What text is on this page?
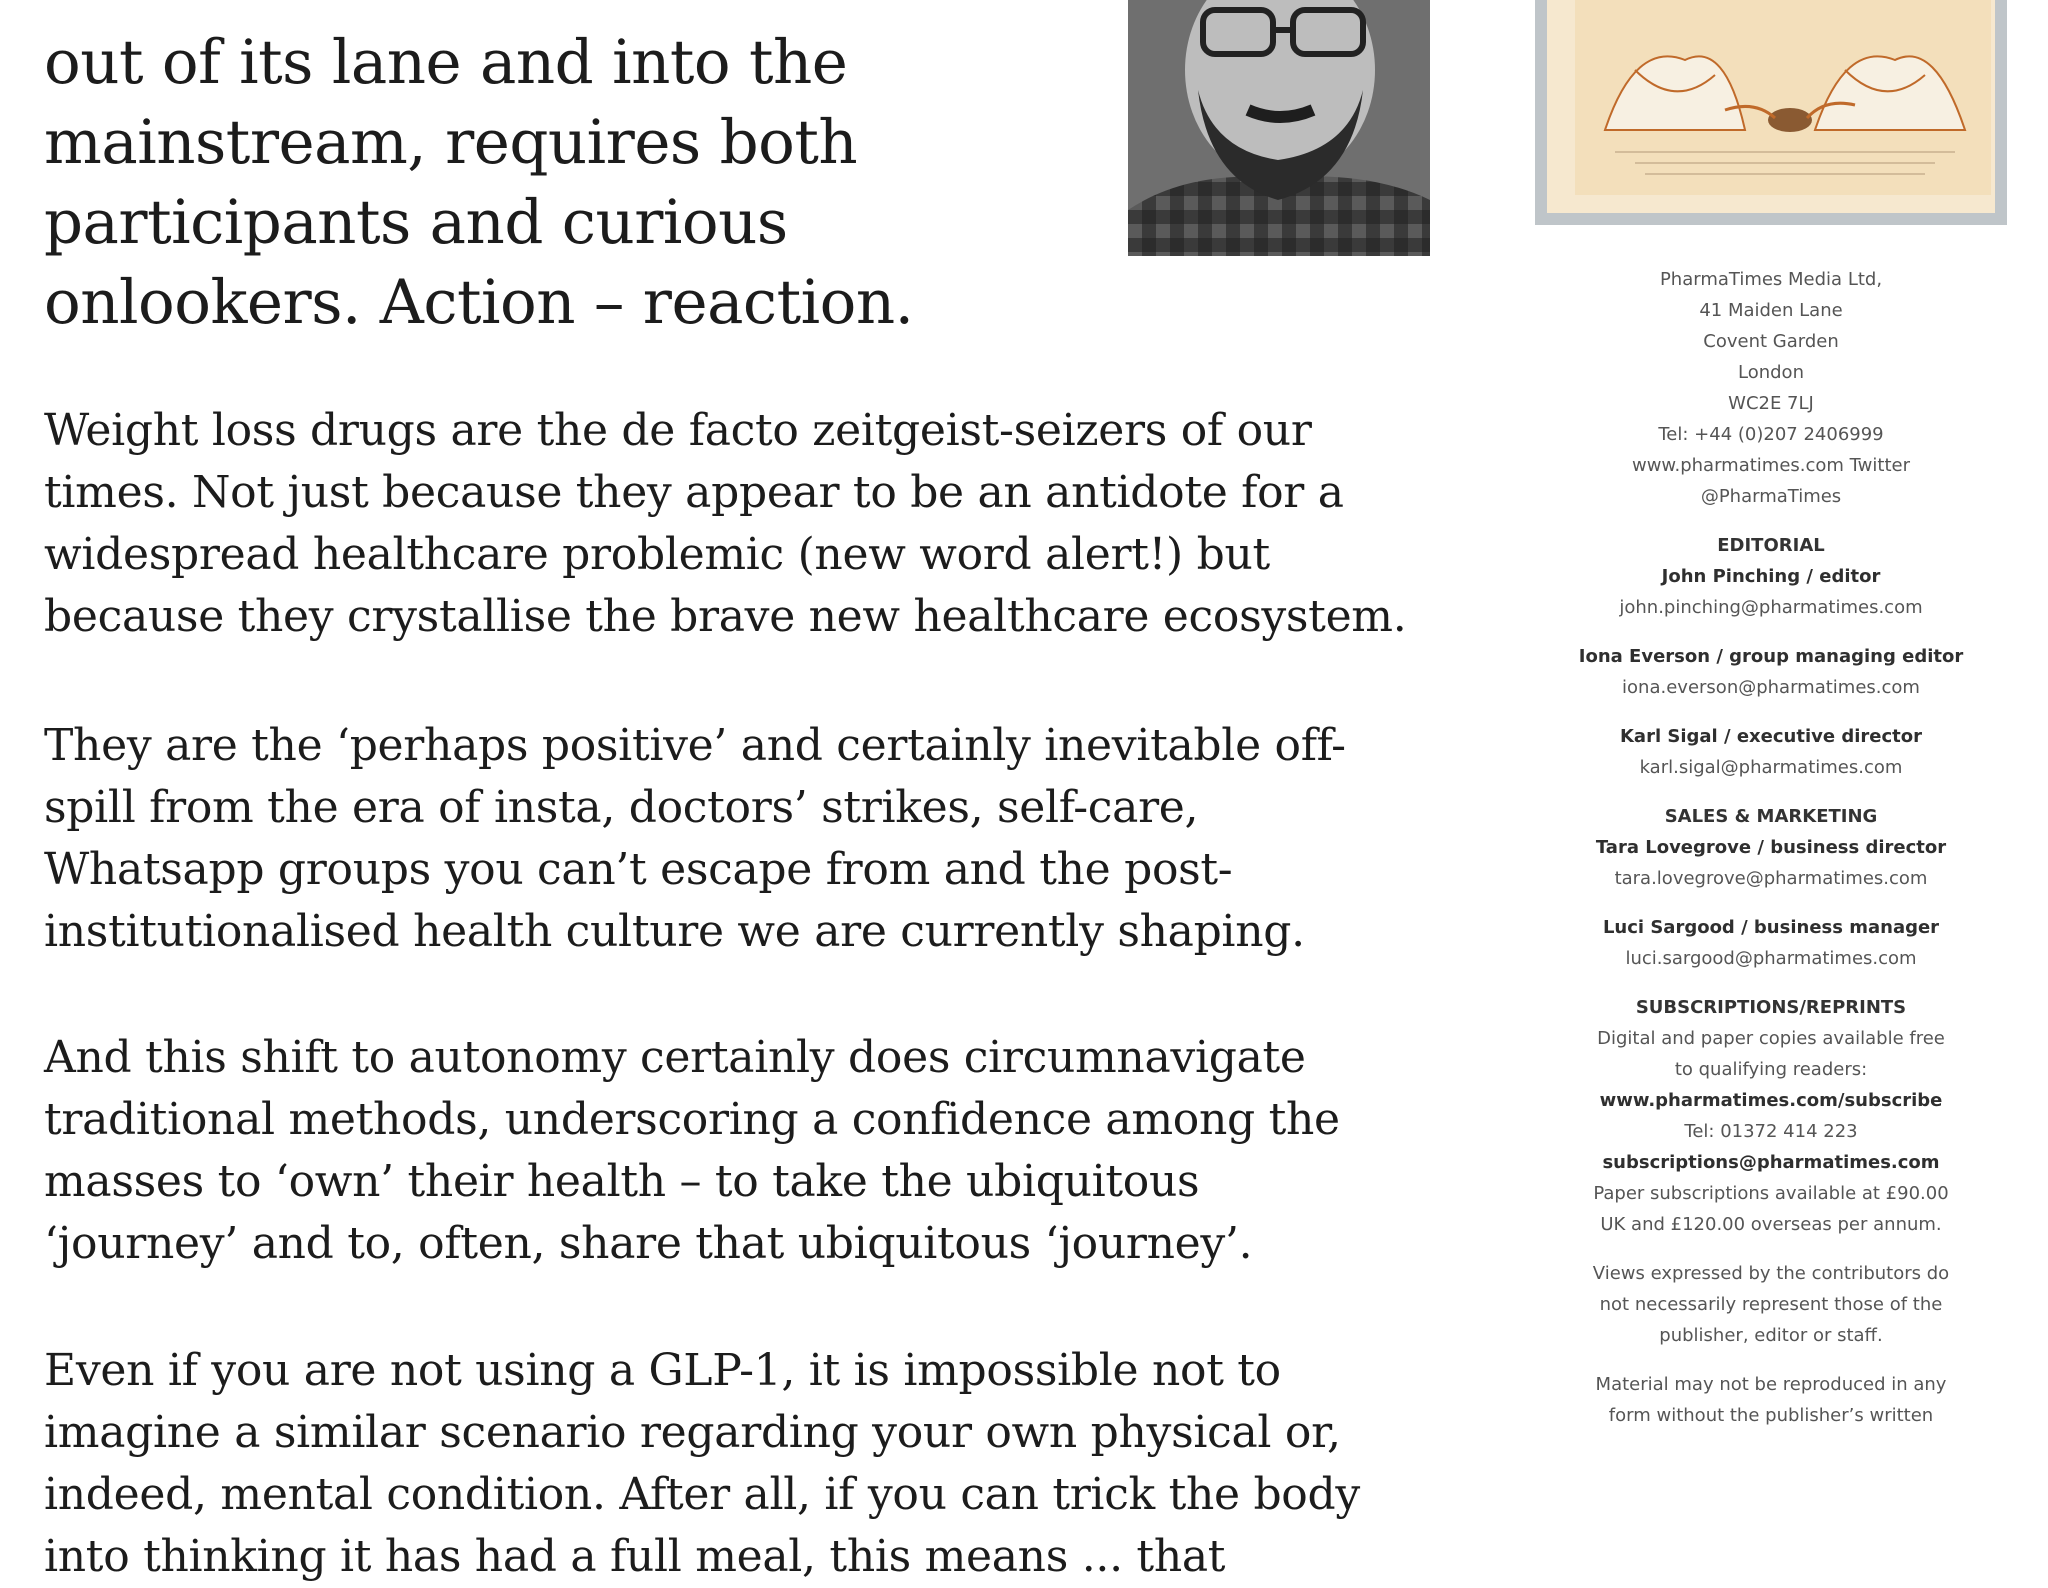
out of its lane and into the
mainstream, requires both
participants and curious
onlookers. Action – reaction.
Weight loss drugs are the de facto zeitgeist-seizers of our
times. Not just because they appear to be an antidote for a
widespread healthcare problemic (new word alert!) but
because they crystallise the brave new healthcare ecosystem.
They are the ‘perhaps positive’ and certainly inevitable off-
spill from the era of insta, doctors’ strikes, self-care,
Whatsapp groups you can’t escape from and the post-
institutionalised health culture we are currently shaping.
And this shift to autonomy certainly does circumnavigate
traditional methods, underscoring a confidence among the
masses to ‘own’ their health – to take the ubiquitous
‘journey’ and to, often, share that ubiquitous ‘journey’.
Even if you are not using a GLP-1, it is impossible not to
imagine a similar scenario regarding your own physical or,
indeed, mental condition. After all, if you can trick the body
into thinking it has had a full meal, this means ... that
PharmaTimes Media Ltd,
41 Maiden Lane
Covent Garden
London
WC2E 7LJ
Tel: +44 (0)207 2406999
www.pharmatimes.com Twitter
@PharmaTimes
EDITORIAL
John Pinching / editor
john.pinching@pharmatimes.com
Iona Everson / group managing editor
iona.everson@pharmatimes.com
Karl Sigal / executive director
karl.sigal@pharmatimes.com
SALES & MARKETING
Tara Lovegrove / business director
tara.lovegrove@pharmatimes.com
Luci Sargood / business manager
luci.sargood@pharmatimes.com
SUBSCRIPTIONS/REPRINTS
Digital and paper copies available free
to qualifying readers:
www.pharmatimes.com/subscribe
Tel: 01372 414 223
subscriptions@pharmatimes.com
Paper subscriptions available at £90.00
UK and £120.00 overseas per annum.
Views expressed by the contributors do
not necessarily represent those of the
publisher, editor or staff.
Material may not be reproduced in any
form without the publisher’s written
